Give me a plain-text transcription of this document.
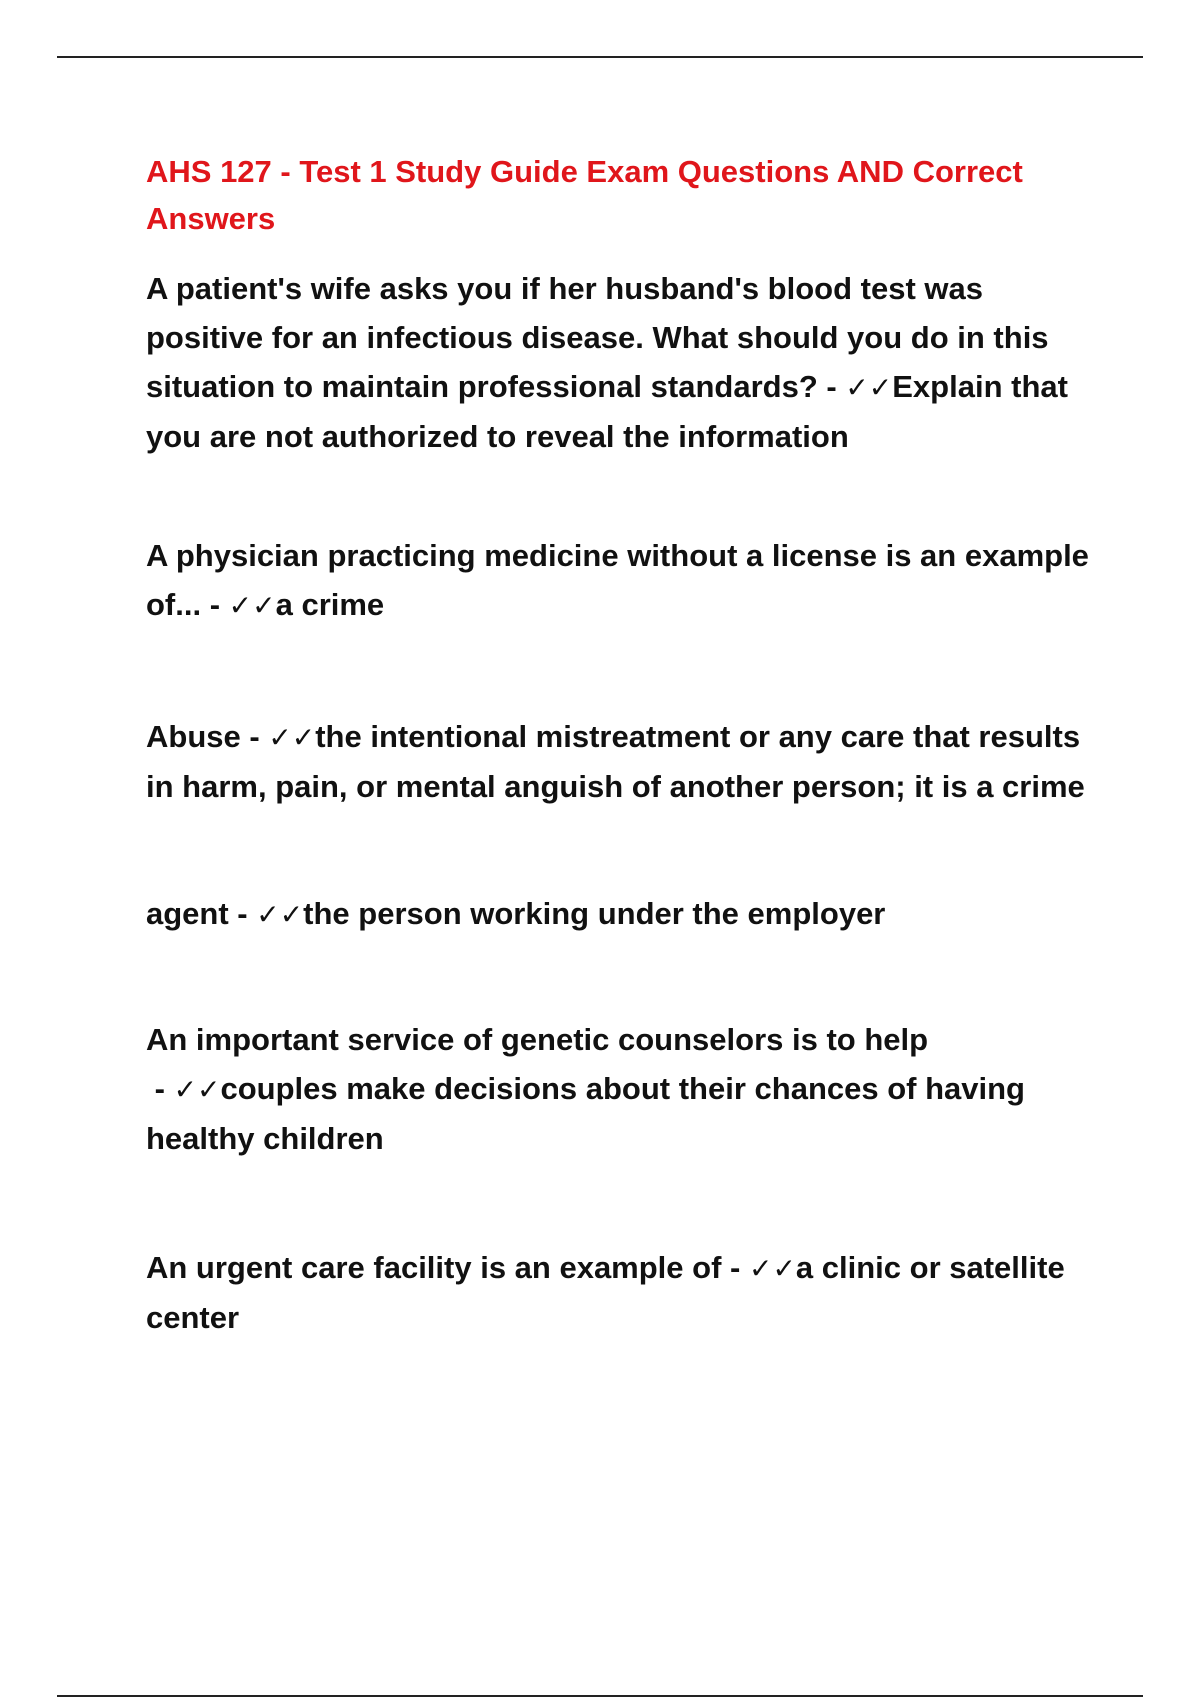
AHS 127 - Test 1 Study Guide Exam Questions AND Correct Answers

A patient's wife asks you if her husband's blood test was positive for an infectious disease. What should you do in this situation to maintain professional standards? - ✓✓Explain that you are not authorized to reveal the information

A physician practicing medicine without a license is an example of... - ✓✓a crime

Abuse - ✓✓the intentional mistreatment or any care that results in harm, pain, or mental anguish of another person; it is a crime

agent - ✓✓the person working under the employer

An important service of genetic counselors is to help - ✓✓couples make decisions about their chances of having healthy children

An urgent care facility is an example of - ✓✓a clinic or satellite center
